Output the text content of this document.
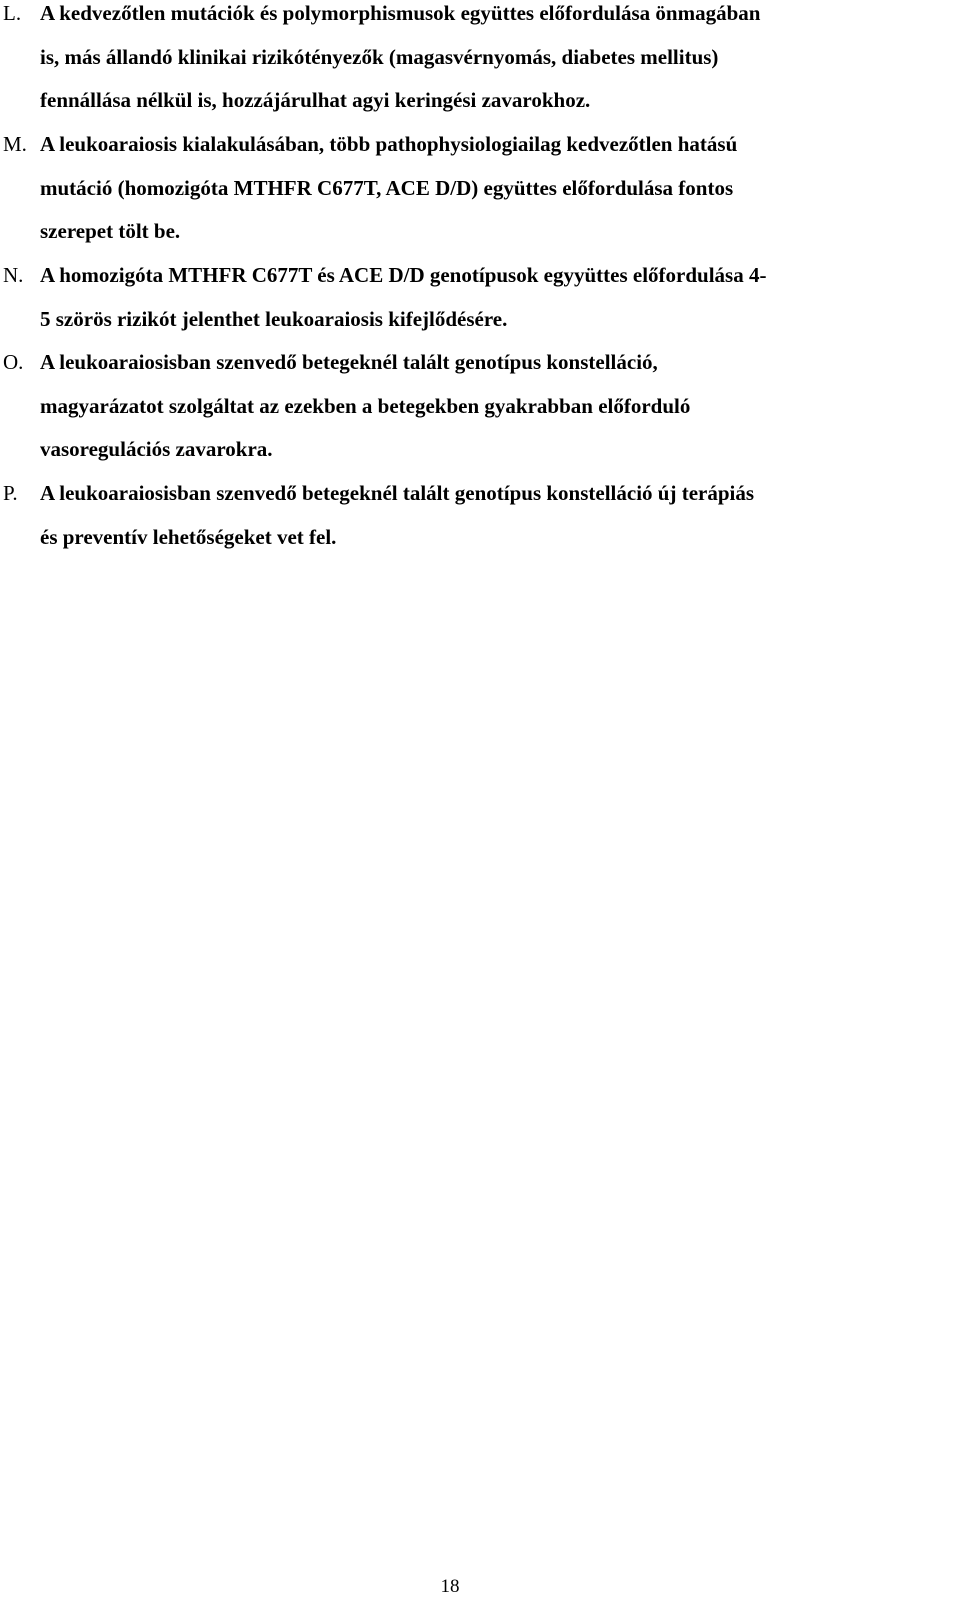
L. A kedvezőtlen mutációk és polymorphismusok együttes előfordulása önmagában
is, más állandó klinikai rizikótényezők (magasvérnyomás, diabetes mellitus)
fennállása nélkül is, hozzájárulhat agyi keringési zavarokhoz.
M. A leukoaraiosis kialakulásában, több pathophysiologiailag kedvezőtlen hatású
mutáció (homozigóta MTHFR C677T, ACE D/D) együttes előfordulása fontos
szerepet tölt be.
N. A homozigóta MTHFR C677T és ACE D/D genotípusok egyyüttes előfordulása 4-
5 szörös rizikót jelenthet leukoaraiosis kifejlődésére.
O. A leukoaraiosisban szenvedő betegeknél talált genotípus konstelláció,
magyarázatot szolgáltat az ezekben a betegekben gyakrabban előforduló
vasoregulációs zavarokra.
P. A leukoaraiosisban szenvedő betegeknél talált genotípus konstelláció új terápiás
és preventív lehetőségeket vet fel.
18
